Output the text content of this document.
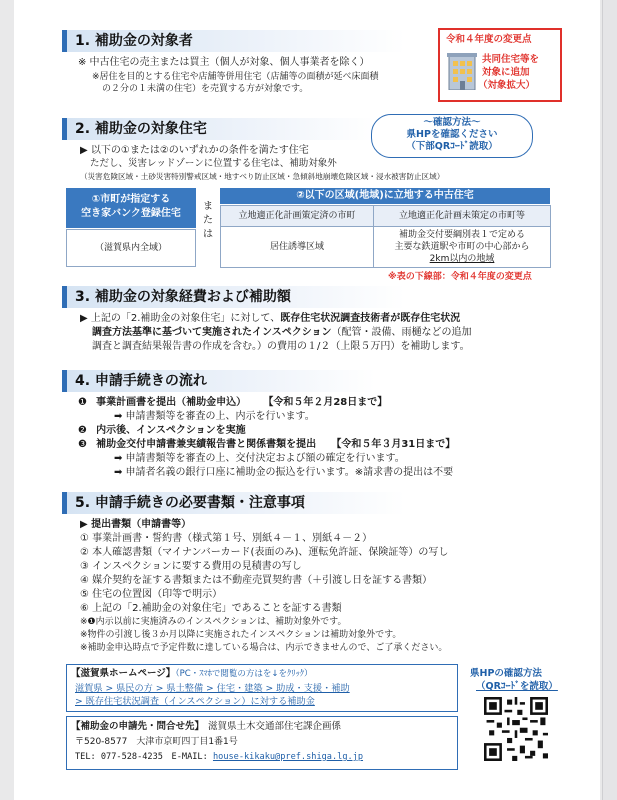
1. 補助金の対象者
※ 中古住宅の売主または買主（個人が対象、個人事業者を除く）
※居住を目的とする住宅や店舗等併用住宅（店舗等の面積が延べ床面積
の２分の１未満の住宅）を売買する方が対象です。
令和４年度の変更点
共同住宅等を
対象に追加
（対象拡大）
2. 補助金の対象住宅	～確認方法～
県HPを確認ください
（下部QRｺｰﾄﾞ読取）
▶ 以下の①または②のいずれかの条件を満たす住宅
ただし、災害レッドゾーンに位置する住宅は、補助対象外
（災害危険区域・土砂災害特別警戒区域・地すべり防止区域・急傾斜地崩壊危険区域・浸水被害防止区域）
①市町が指定する
空き家バンク登録住宅
（滋賀県内全域）
ま
た
は
②以下の区域(地域)に立地する中古住宅
立地適正化計画策定済の市町	立地適正化計画未策定の市町等
居住誘導区域
補助金交付要綱別表１で定める
主要な鉄道駅や市町の中心部から
2km以内の地域
※表の下線部：令和４年度の変更点
3. 補助金の対象経費および補助額
▶ 上記の「2.補助金の対象住宅」に対して、既存住宅状況調査技術者が既存住宅状況
調査方法基準に基づいて実施されたインスペクション（配管・設備、雨樋などの追加
調査と調査結果報告書の作成を含む。）の費用の１/２（上限５万円）を補助します。
4. 申請手続きの流れ
❶ 事業計画書を提出（補助金申込） 【令和５年２月28日まで】
➡ 申請書類等を審査の上、内示を行います。
❷ 内示後、インスペクションを実施
❸ 補助金交付申請書兼実績報告書と関係書類を提出 【令和５年３月31日まで】
➡ 申請書類等を審査の上、交付決定および額の確定を行います。
➡ 申請者名義の銀行口座に補助金の振込を行います。※請求書の提出は不要
5. 申請手続きの必要書類・注意事項
▶ 提出書類（申請書等）
① 事業計画書・誓約書（様式第１号、別紙４－１、別紙４－２）
② 本人確認書類（マイナンバーカード(表面のみ)、運転免許証、保険証等）の写し
③ インスペクションに要する費用の見積書の写し
④ 媒介契約を証する書類または不動産売買契約書（＋引渡し日を証する書類）
⑤ 住宅の位置図（印等で明示）
⑥ 上記の「2.補助金の対象住宅」であることを証する書類
※❶内示以前に実施済みのインスペクションは、補助対象外です。
※物件の引渡し後３か月以降に実施されたインスペクションは補助対象外です。
※補助金申込時点で予定件数に達している場合は、内示できませんので、ご了承ください。
【滋賀県ホームページ】（PC・ｽﾏﾎで閲覧の方はを↓をｸﾘｯｸ）
滋賀県 > 県民の方 > 県土整備 > 住宅・建築 > 助成・支援・補助
> 既存住宅状況調査（インスペクション）に対する補助金
【補助金の申請先・問合せ先】 滋賀県土木交通部住宅課企画係
〒520-8577　大津市京町四丁目1番1号
TEL: 077-528-4235　E-MAIL: house-kikaku@pref.shiga.lg.jp
県HPの確認方法
（QRｺｰﾄﾞを読取）
